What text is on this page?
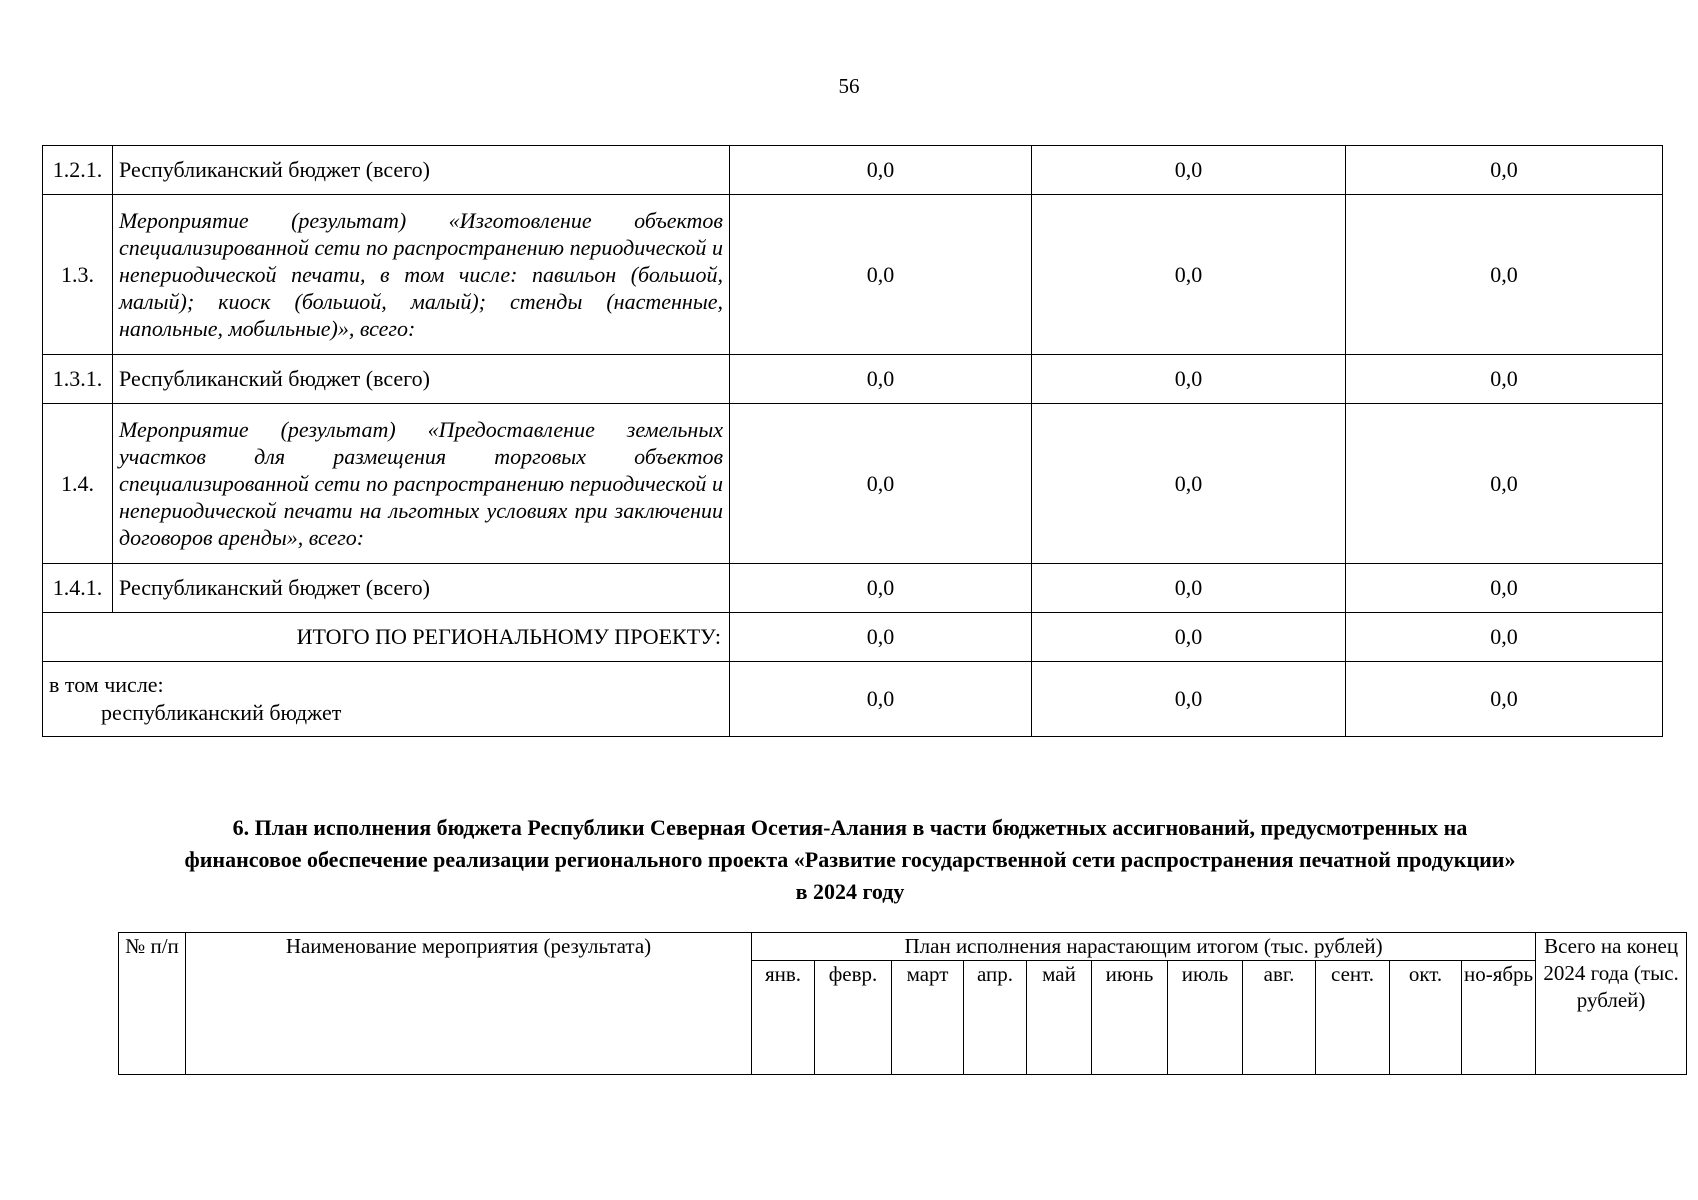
56
1.2.1.	Республиканский бюджет (всего)	0,0	0,0	0,0
1.3.	Мероприятие (результат) «Изготовление объектов специализированной сети по распространению периодической и непериодической печати, в том числе: павильон (большой, малый); киоск (большой, малый); стенды (настенные, напольные, мобильные)», всего:	0,0	0,0	0,0
1.3.1.	Республиканский бюджет (всего)	0,0	0,0	0,0
1.4.	Мероприятие (результат) «Предоставление земельных участков для размещения торговых объектов специализированной сети по распространению периодической и непериодической печати на льготных условиях при заключении договоров аренды», всего:	0,0	0,0	0,0
1.4.1.	Республиканский бюджет (всего)	0,0	0,0	0,0
ИТОГО ПО РЕГИОНАЛЬНОМУ ПРОЕКТУ:		0,0	0,0	0,0

в том числе:
республиканский бюджет		0,0	0,0	0,0
6. План исполнения бюджета Республики Северная Осетия-Алания в части бюджетных ассигнований, предусмотренных на
финансовое обеспечение реализации регионального проекта «Развитие государственной сети распространения печатной продукции»
в 2024 году
№ п/п	Наименование мероприятия (результата)	План исполнения нарастающим итогом (тыс. рублей)											Всего на конец 2024 года (тыс. рублей)
		янв.	февр.	март	апр.	май	июнь	июль	авг.	сент.	окт.	но-ябрь	
